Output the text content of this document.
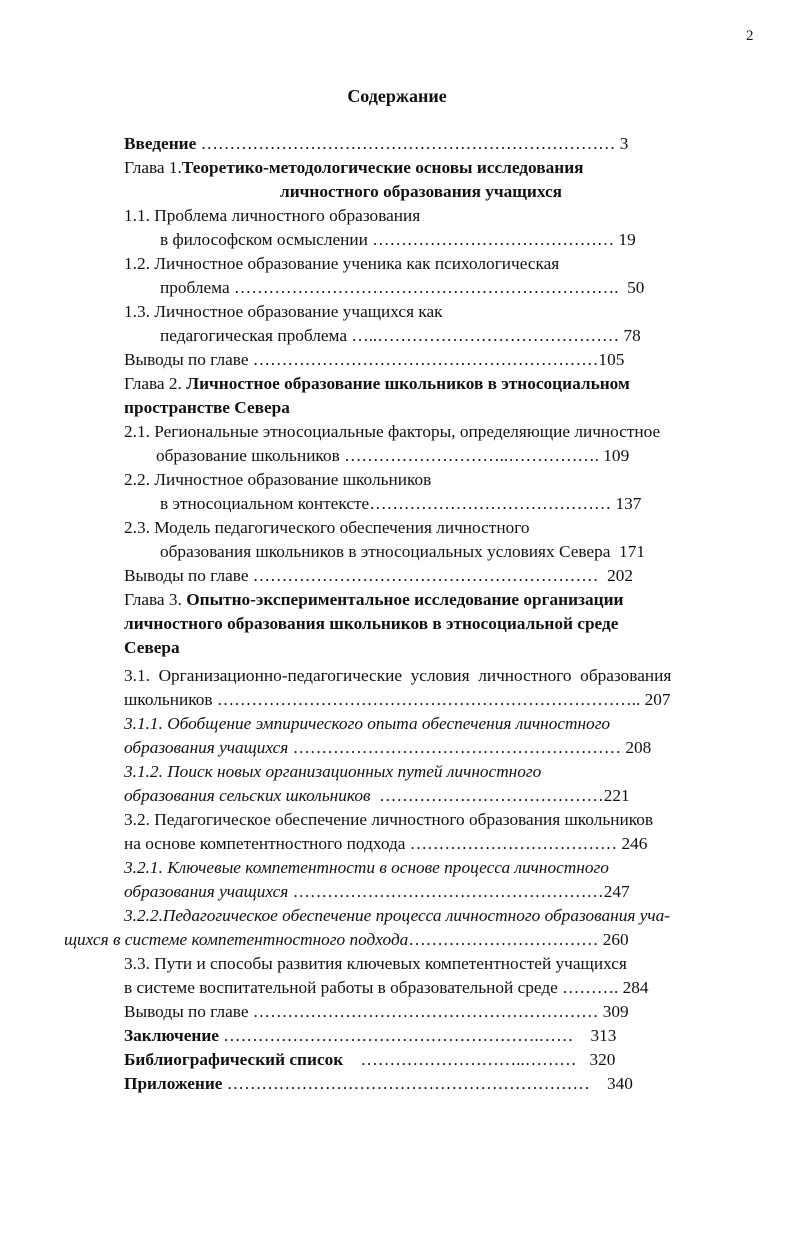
2
Содержание
Введение ……………………………………………………………… 3
Глава 1.Теоретико-методологические основы исследования
личностного образования учащихся
1.1. Проблема личностного образования
в философском осмыслении …………………………………… 19
1.2. Личностное образование ученика как психологическая
проблема ………………………………………………………….  50
1.3. Личностное образование учащихся как
педагогическая проблема …..…………………………………… 78
Выводы по главе ……………………………………………………105
Глава 2. Личностное образование школьников в этносоциальном
пространстве Севера
2.1. Региональные этносоциальные факторы, определяющие личностное
образование школьников ………………………..……………. 109
2.2. Личностное образование школьников
в этносоциальном контексте…………………………………… 137
2.3. Модель педагогического обеспечения личностного
образования школьников в этносоциальных условиях Севера  171
Выводы по главе ……………………………………………………  202
Глава 3. Опытно-экспериментальное исследование организации
личностного образования школьников в этносоциальной среде
Севера
3.1.  Организационно-педагогические  условия  личностного  образования
школьников ……………………………………………………………….. 207
3.1.1. Обобщение эмпирического опыта обеспечения личностного
образования учащихся ………………………………………………… 208
3.1.2. Поиск новых организационных путей личностного
образования сельских школьников  …………………………………221
3.2. Педагогическое обеспечение личностного образования школьников
на основе компетентностного подхода ……………………………… 246
3.2.1. Ключевые компетентности в основе процесса личностного
образования учащихся ………………………………………………247
3.2.2.Педагогическое обеспечение процесса личностного образования уча-
щихся в системе компетентностного подхода…………………………… 260
3.3. Пути и способы развития ключевых компетентностей учащихся
в системе воспитательной работы в образовательной среде ………. 284
Выводы по главе …………………………………………………… 309
Заключение ……………………………………………….……    313
Библиографический список    ………………………..………   320
Приложение ………………………………………………………    340
